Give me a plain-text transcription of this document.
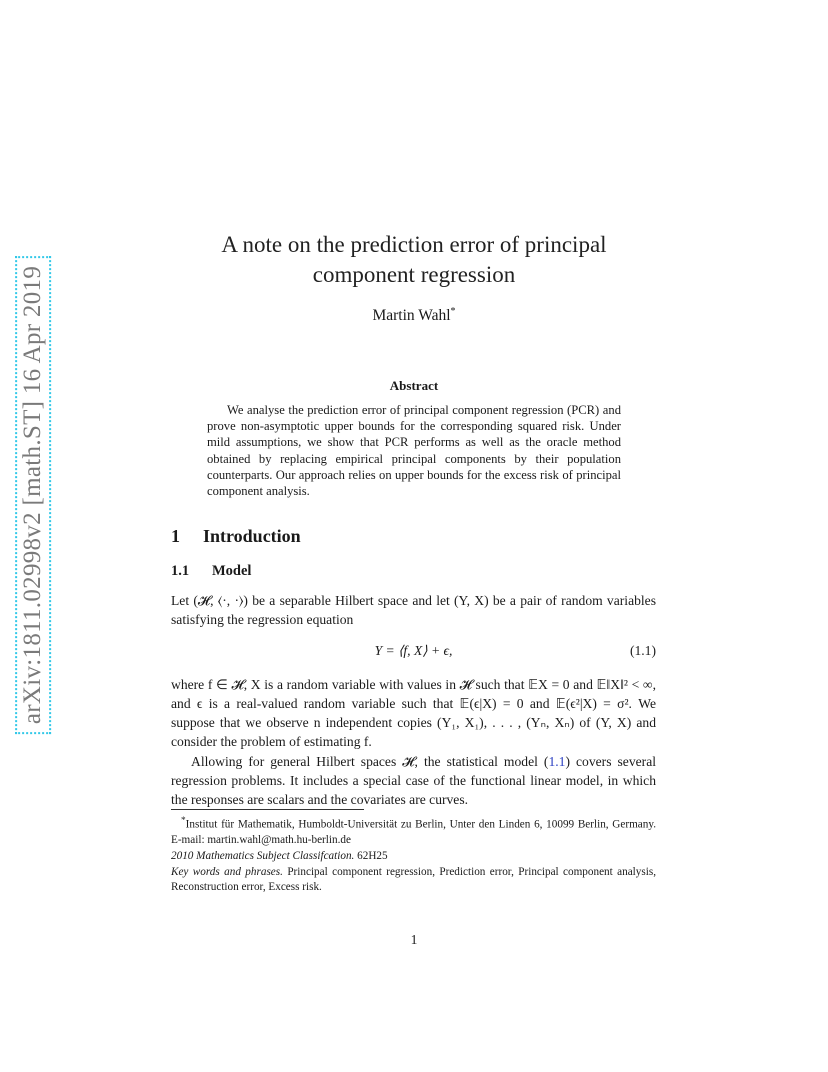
arXiv:1811.02998v2 [math.ST] 16 Apr 2019
A note on the prediction error of principal
component regression
Martin Wahl*
Abstract
We analyse the prediction error of principal component regression (PCR) and prove non-asymptotic upper bounds for the corresponding squared risk. Under mild assumptions, we show that PCR performs as well as the oracle method obtained by replacing empirical principal components by their population counterparts. Our approach relies on upper bounds for the excess risk of principal component analysis.
1 Introduction
1.1 Model

Let (𝓗, ⟨·, ·⟩) be a separable Hilbert space and let (Y, X) be a pair of random variables satisfying the regression equation

Y = ⟨f, X⟩ + ϵ,	(1.1)

where f ∈ 𝓗, X is a random variable with values in 𝓗 such that 𝔼X = 0 and 𝔼‖X‖² < ∞, and ϵ is a real-valued random variable such that 𝔼(ϵ|X) = 0 and 𝔼(ϵ²|X) = σ². We suppose that we observe n independent copies (Y₁, X₁), . . . , (Yₙ, Xₙ) of (Y, X) and consider the problem of estimating f.

Allowing for general Hilbert spaces 𝓗, the statistical model (1.1) covers several regression problems. It includes a special case of the functional linear model, in which the responses are scalars and the covariates are curves.

*Institut für Mathematik, Humboldt-Universität zu Berlin, Unter den Linden 6, 10099 Berlin, Germany. E-mail: martin.wahl@math.hu-berlin.de

2010 Mathematics Subject Classifcation. 62H25

Key words and phrases. Principal component regression, Prediction error, Principal component analysis, Reconstruction error, Excess risk.

1
